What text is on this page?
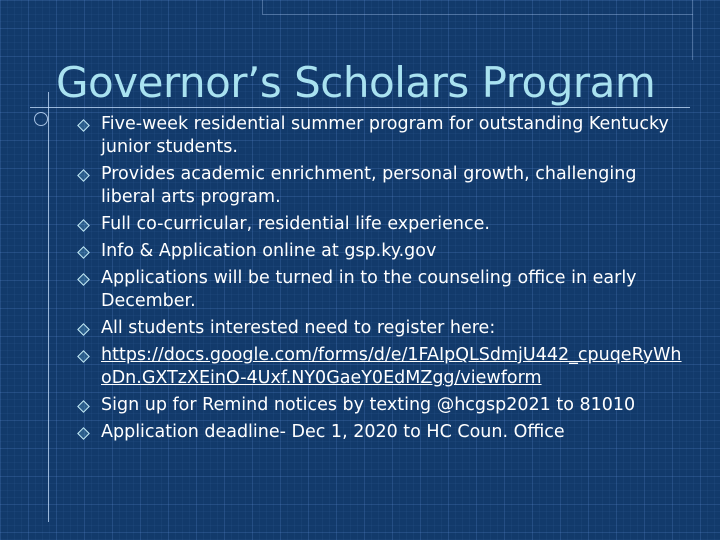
Governor’s Scholars Program
Five-week residential summer program for outstanding Kentucky junior students.
Provides academic enrichment, personal growth, challenging liberal arts program.
Full co-curricular, residential life experience.
Info & Application online at gsp.ky.gov
Applications will be turned in to the counseling office in early December.
All students interested need to register here:
https://docs.google.com/forms/d/e/1FAIpQLSdmjU442_cpuqeRyWhoDn.GXTzXEinO-4Uxf.NY0GaeY0EdMZgg/viewform
Sign up for Remind notices by texting @hcgsp2021 to 81010
Application deadline- Dec 1, 2020 to HC Coun. Office
